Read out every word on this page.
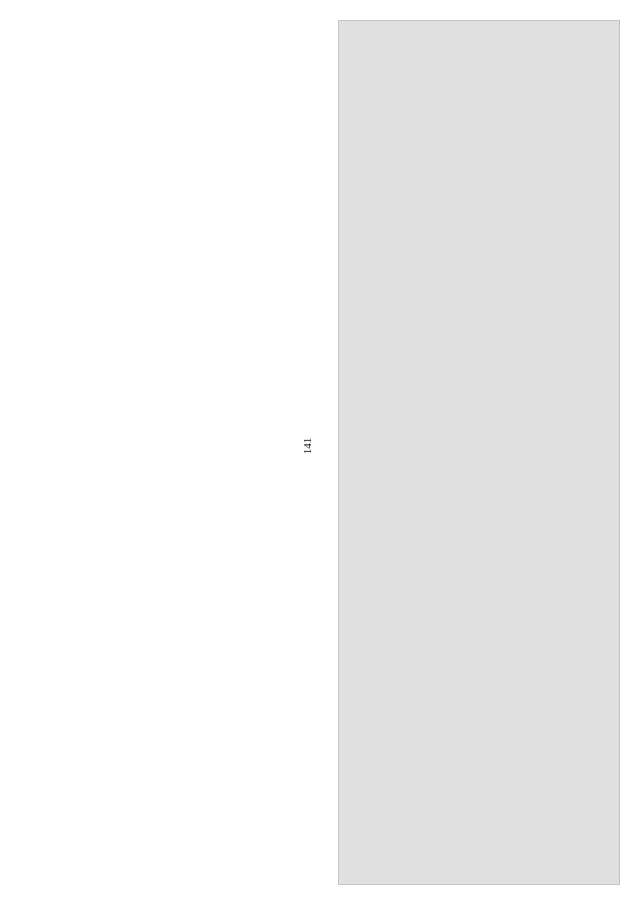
141
